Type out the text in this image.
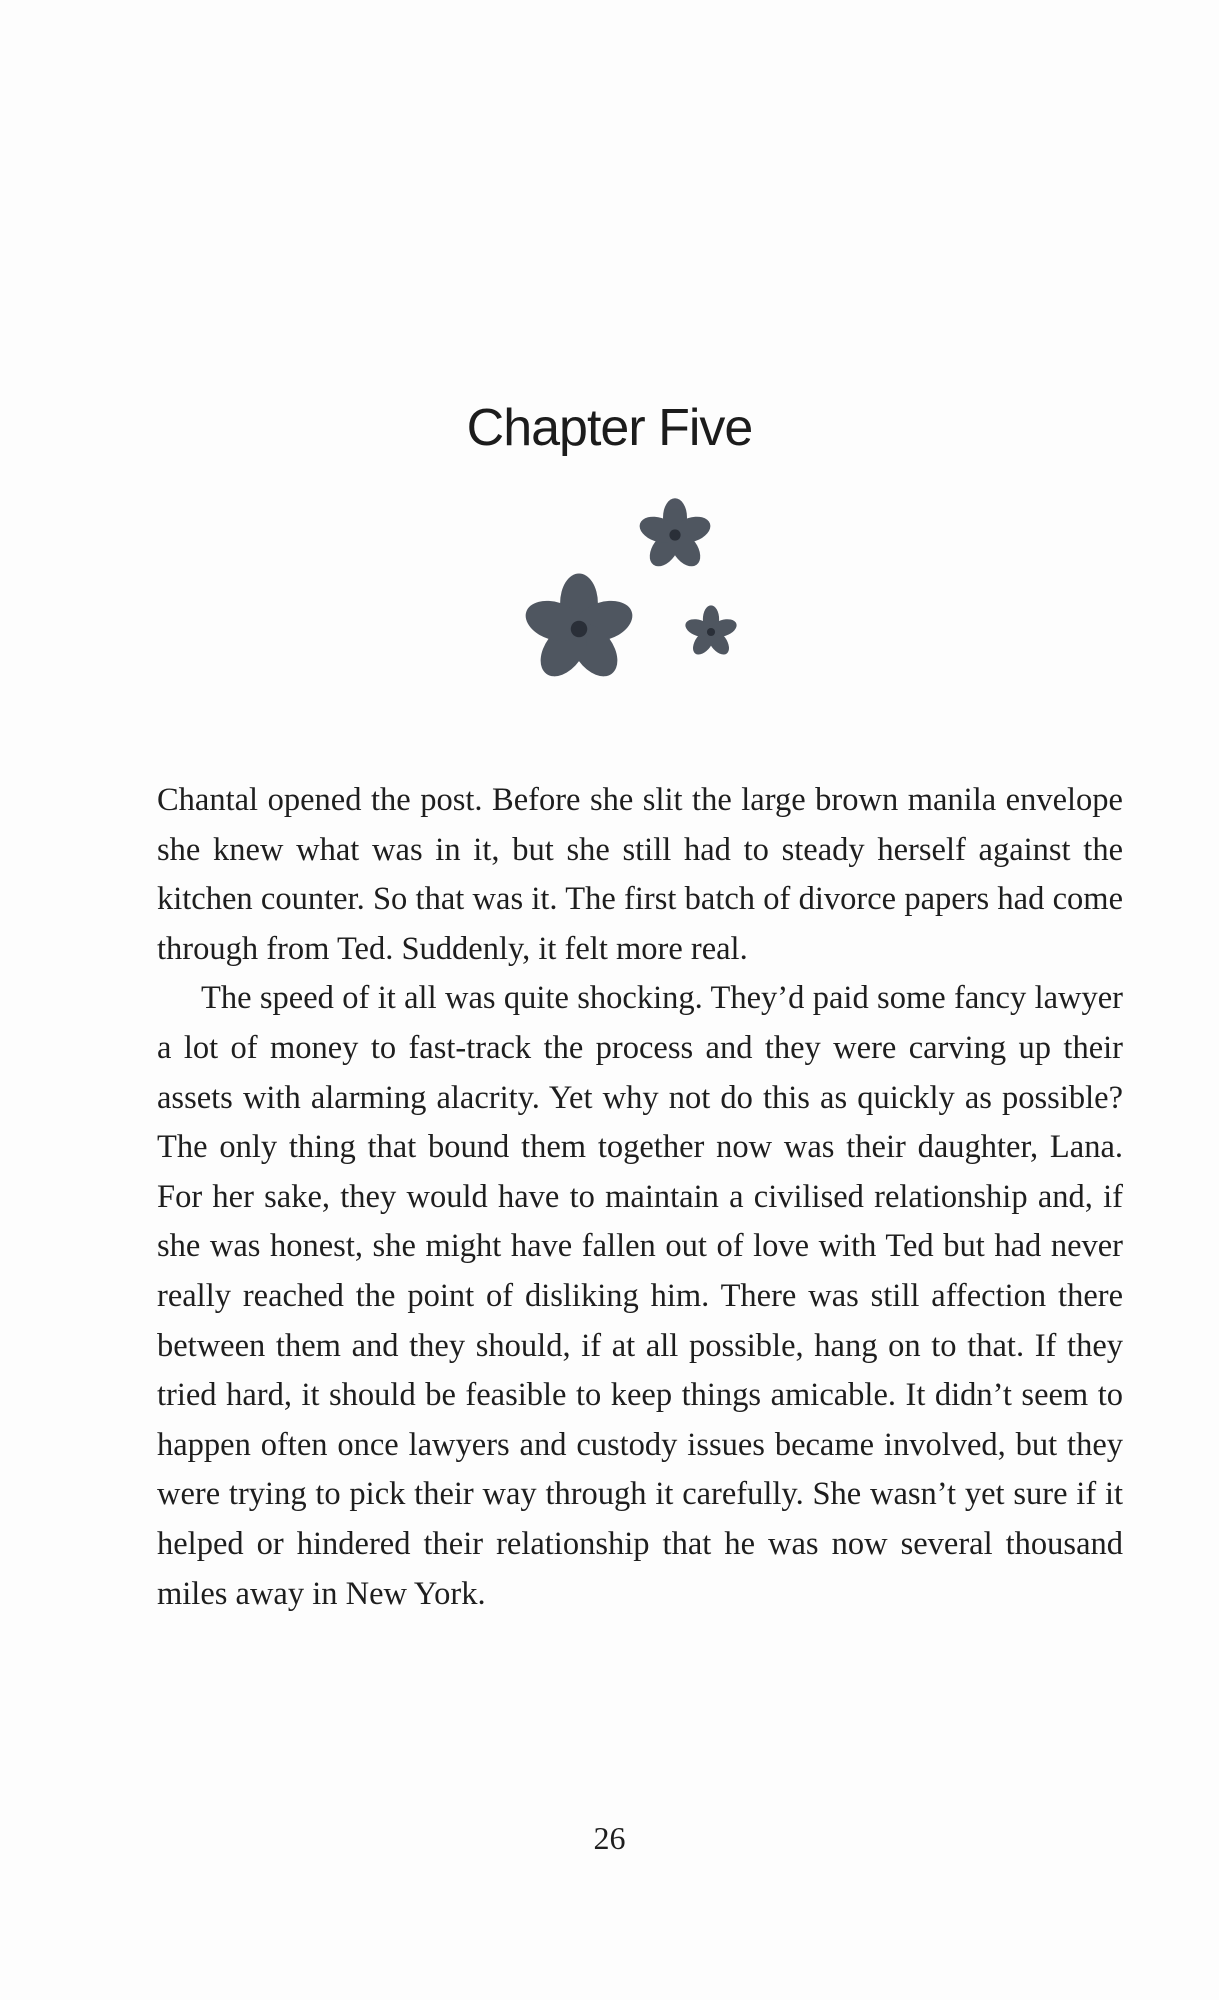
Chapter Five

Chantal opened the post. Before she slit the large brown manila envelope she knew what was in it, but she still had to steady herself against the kitchen counter. So that was it. The first batch of divorce papers had come through from Ted. Suddenly, it felt more real.

The speed of it all was quite shocking. They’d paid some fancy lawyer a lot of money to fast-track the process and they were carving up their assets with alarming alacrity. Yet why not do this as quickly as possible? The only thing that bound them together now was their daughter, Lana. For her sake, they would have to maintain a civilised relationship and, if she was honest, she might have fallen out of love with Ted but had never really reached the point of disliking him. There was still affection there between them and they should, if at all possible, hang on to that. If they tried hard, it should be feasible to keep things amicable. It didn’t seem to happen often once lawyers and custody issues became involved, but they were trying to pick their way through it carefully. She wasn’t yet sure if it helped or hindered their relationship that he was now several thousand miles away in New York.

26
